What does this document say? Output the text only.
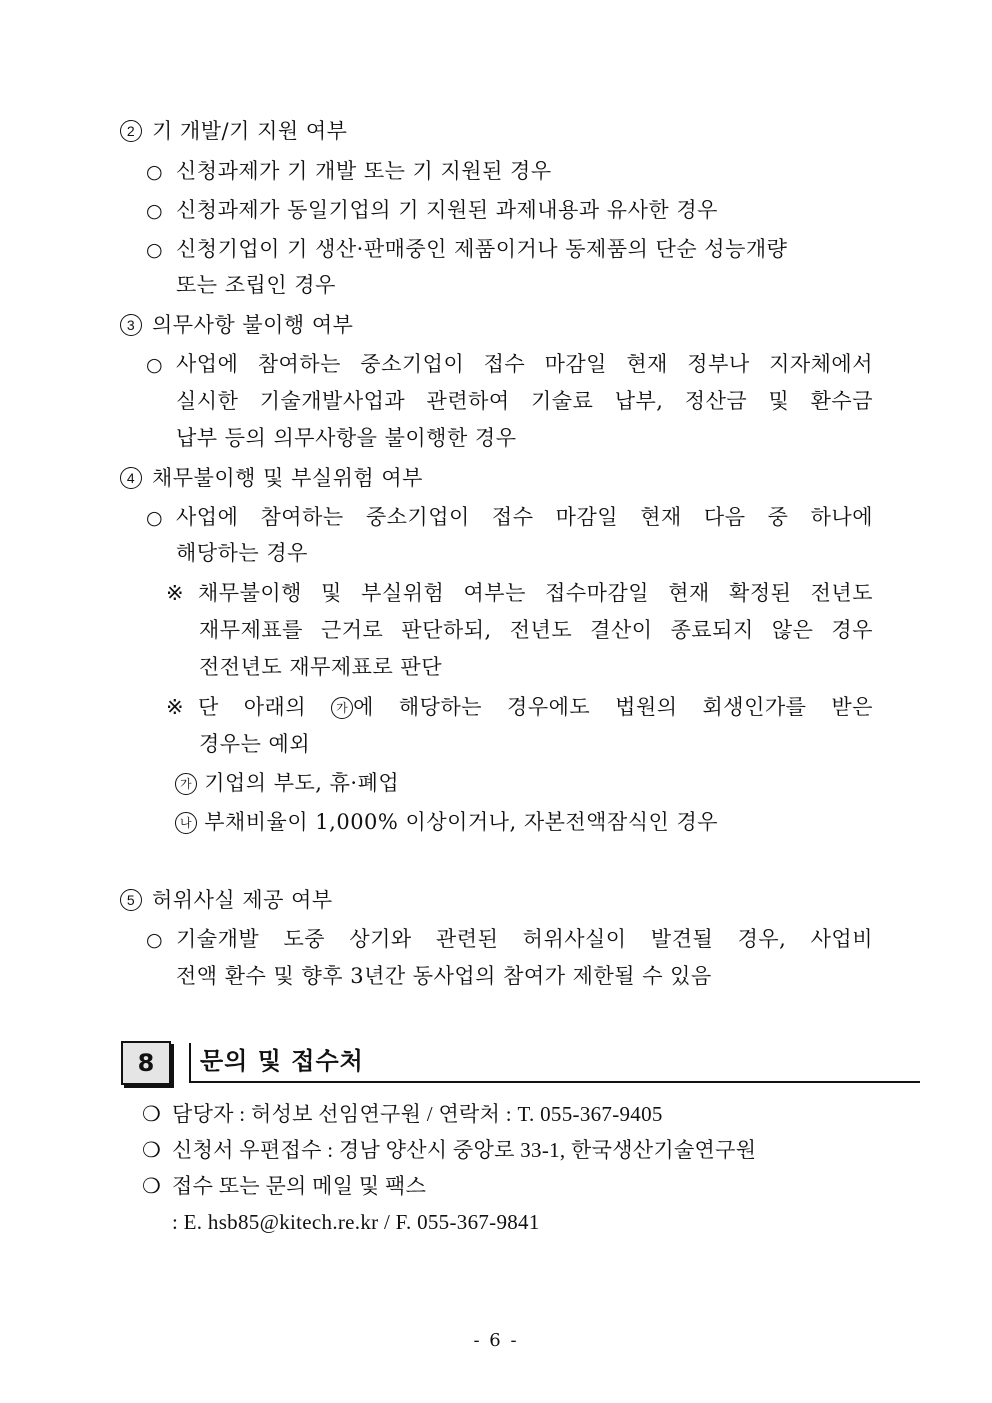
2 기 개발/기 지원 여부
○ 신청과제가 기 개발 또는 기 지원된 경우
○ 신청과제가 동일기업의 기 지원된 과제내용과 유사한 경우
○ 신청기업이 기 생산·판매중인 제품이거나 동제품의 단순 성능개량
또는 조립인 경우
3 의무사항 불이행 여부
○ 사업에 참여하는 중소기업이 접수 마감일 현재 정부나 지자체에서
실시한 기술개발사업과 관련하여 기술료 납부, 정산금 및 환수금
납부 등의 의무사항을 불이행한 경우
4 채무불이행 및 부실위험 여부
○ 사업에 참여하는 중소기업이 접수 마감일 현재 다음 중 하나에
해당하는 경우
※ 채무불이행 및 부실위험 여부는 접수마감일 현재 확정된 전년도
재무제표를 근거로 판단하되, 전년도 결산이 종료되지 않은 경우
전전년도 재무제표로 판단
※ 단 아래의 가 에 해당하는 경우에도 법원의 회생인가를 받은
경우는 예외
가 기업의 부도, 휴·폐업
나 부채비율이 1,000% 이상이거나, 자본전액잠식인 경우
5 허위사실 제공 여부
○ 기술개발 도중 상기와 관련된 허위사실이 발견될 경우, 사업비
전액 환수 및 향후 3년간 동사업의 참여가 제한될 수 있음
8	문의 및 접수처
❍ 담당자 : 허성보 선임연구원 / 연락처 : T. 055-367-9405
❍ 신청서 우편접수 : 경남 양산시 중앙로 33-1, 한국생산기술연구원
❍ 접수 또는 문의 메일 및 팩스
: E. hsb85@kitech.re.kr / F. 055-367-9841
- 6 -
